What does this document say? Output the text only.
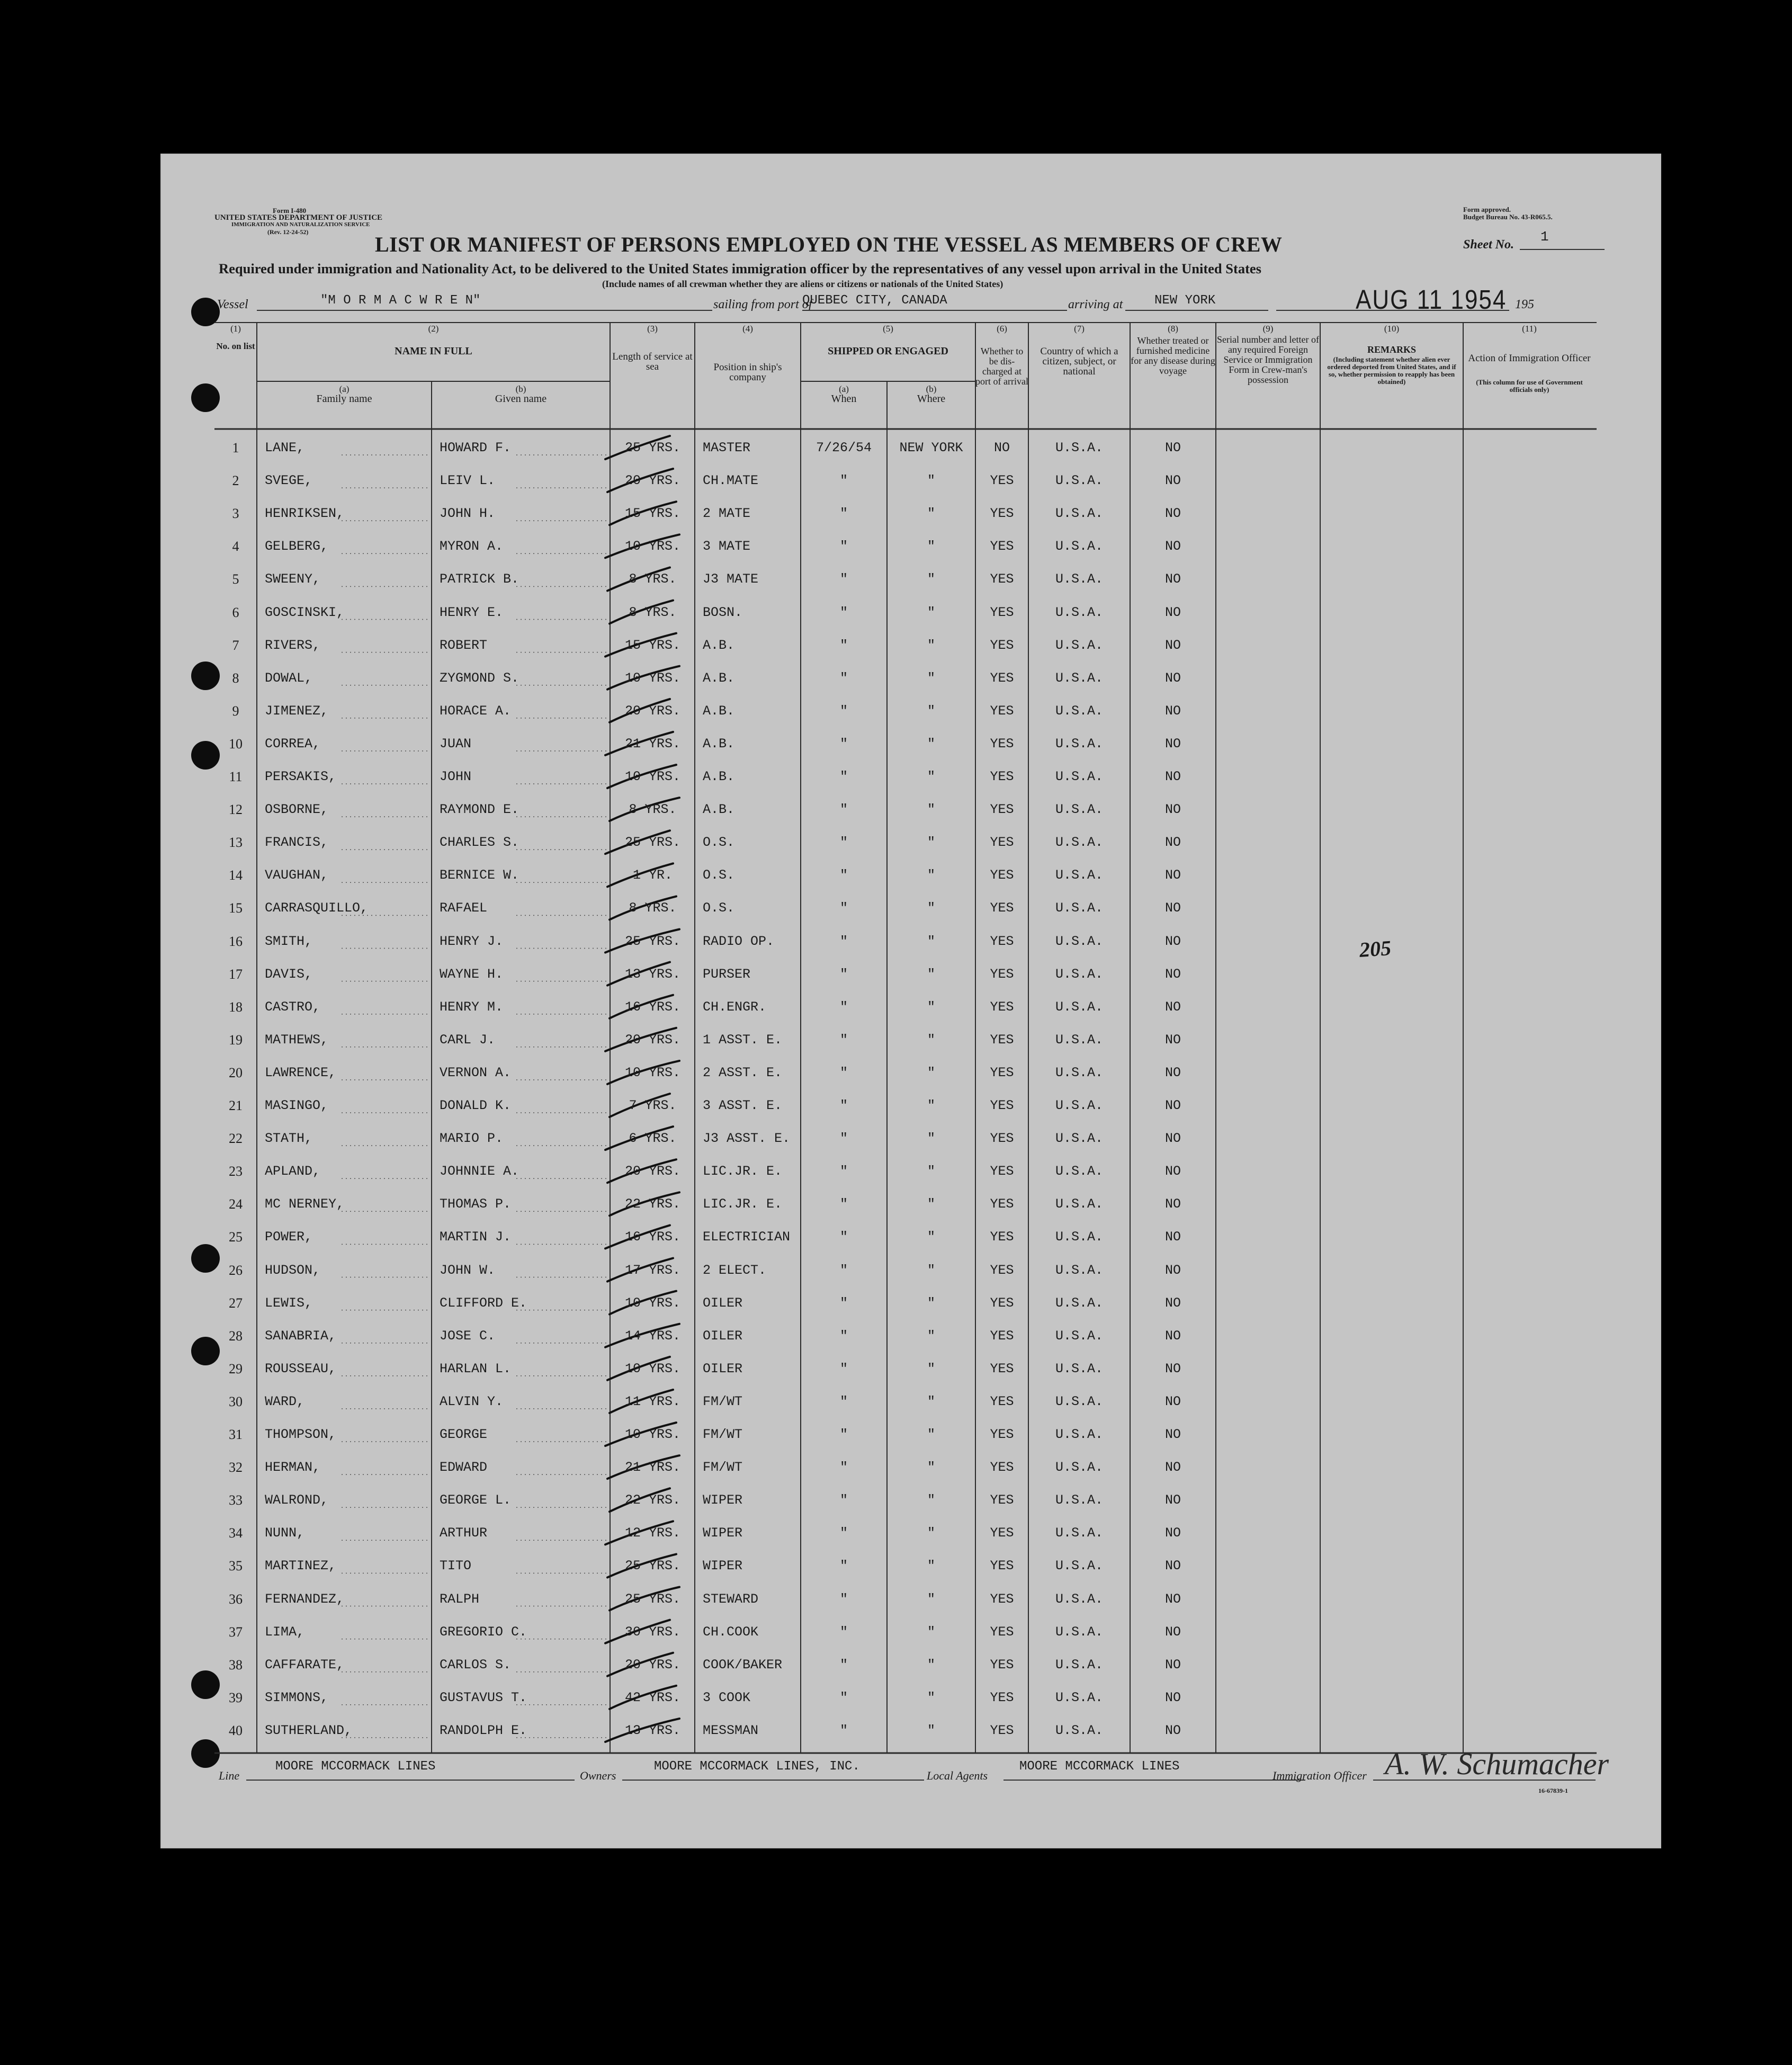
Form I-480
UNITED STATES DEPARTMENT OF JUSTICE
IMMIGRATION AND NATURALIZATION SERVICE
(Rev. 12-24-52)
Form approved.
Budget Bureau No. 43-R065.5.
LIST OR MANIFEST OF PERSONS EMPLOYED ON THE VESSEL AS MEMBERS OF CREW	Sheet No. 1
Required under immigration and Nationality Act, to be delivered to the United States immigration officer by the representatives of any vessel upon arrival in the United States
(Include names of all crewman whether they are aliens or citizens or nationals of the United States)
Vessel	"M O R M A C W R E N"	sailing from port of
QUEBEC CITY, CANADA	arriving at NEW YORK	AUG 11 1954 195
(1)
No. on list
(2)
NAME IN FULL
(a)
Family name
(b)
Given name
(3)
Length of service at sea
(4)
Position in ship's company
(5)
SHIPPED OR ENGAGED
(a)
When
(b)
Where
(6)
Whether to be dis-charged at port of arrival
(7)
Country of which a citizen, subject, or national
(8)
Whether treated or furnished medicine for any disease during voyage
(9)
Serial number and letter of any required Foreign Service or Immigration Form in Crew-man's possession
(10)
REMARKS
(Including statement whether alien ever ordered deported from United States, and if so, whether permission to reapply has been obtained)
(11)
Action of Immigration Officer
(This column for use of Government officials only)
1	LANE,	HOWARD F.	25 YRS.	MASTER	7/26/54	NEW YORK	NO	U.S.A.	NO
2	SVEGE,	LEIV L.	20 YRS.	CH.MATE	"	"	YES	U.S.A.	NO
3	HENRIKSEN,	JOHN H.	15 YRS.	2 MATE	"	"	YES	U.S.A.	NO
4	GELBERG,	MYRON A.	10 YRS.	3 MATE	"	"	YES	U.S.A.	NO
5	SWEENY,	PATRICK B.	8 YRS.	J3 MATE	"	"	YES	U.S.A.	NO
6	GOSCINSKI,	HENRY E.	8 YRS.	BOSN.	"	"	YES	U.S.A.	NO
7	RIVERS,	ROBERT	15 YRS.	A.B.	"	"	YES	U.S.A.	NO
8	DOWAL,	ZYGMOND S.	10 YRS.	A.B.	"	"	YES	U.S.A.	NO
9	JIMENEZ,	HORACE A.	20 YRS.	A.B.	"	"	YES	U.S.A.	NO
10	CORREA,	JUAN	21 YRS.	A.B.	"	"	YES	U.S.A.	NO
11	PERSAKIS,	JOHN	10 YRS.	A.B.	"	"	YES	U.S.A.	NO
12	OSBORNE,	RAYMOND E.	8 YRS.	A.B.	"	"	YES	U.S.A.	NO
13	FRANCIS,	CHARLES S.	25 YRS.	O.S.	"	"	YES	U.S.A.	NO
14	VAUGHAN,	BERNICE W.	1 YR.	O.S.	"	"	YES	U.S.A.	NO
15	CARRASQUILLO,	RAFAEL	8 YRS.	O.S.	"	"	YES	U.S.A.	NO
16	SMITH,	HENRY J.	25 YRS.	RADIO OP.	"	"	YES	U.S.A.	NO
17	DAVIS,	WAYNE H.	13 YRS.	PURSER	"	"	YES	U.S.A.	NO
18	CASTRO,	HENRY M.	16 YRS.	CH.ENGR.	"	"	YES	U.S.A.	NO
19	MATHEWS,	CARL J.	20 YRS.	1 ASST. E.	"	"	YES	U.S.A.	NO
20	LAWRENCE,	VERNON A.	10 YRS.	2 ASST. E.	"	"	YES	U.S.A.	NO
21	MASINGO,	DONALD K.	7 YRS.	3 ASST. E.	"	"	YES	U.S.A.	NO
22	STATH,	MARIO P.	6 YRS.	J3 ASST. E.	"	"	YES	U.S.A.	NO
23	APLAND,	JOHNNIE A.	20 YRS.	LIC.JR. E.	"	"	YES	U.S.A.	NO
24	MC NERNEY,	THOMAS P.	22 YRS.	LIC.JR. E.	"	"	YES	U.S.A.	NO
25	POWER,	MARTIN J.	16 YRS.	ELECTRICIAN	"	"	YES	U.S.A.	NO
26	HUDSON,	JOHN W.	17 YRS.	2 ELECT.	"	"	YES	U.S.A.	NO
27	LEWIS,	CLIFFORD E.	10 YRS.	OILER	"	"	YES	U.S.A.	NO
28	SANABRIA,	JOSE C.	14 YRS.	OILER	"	"	YES	U.S.A.	NO
29	ROUSSEAU,	HARLAN L.	10 YRS.	OILER	"	"	YES	U.S.A.	NO
30	WARD,	ALVIN Y.	11 YRS.	FM/WT	"	"	YES	U.S.A.	NO
31	THOMPSON,	GEORGE	10 YRS.	FM/WT	"	"	YES	U.S.A.	NO
32	HERMAN,	EDWARD	21 YRS.	FM/WT	"	"	YES	U.S.A.	NO
33	WALROND,	GEORGE L.	22 YRS.	WIPER	"	"	YES	U.S.A.	NO
34	NUNN,	ARTHUR	12 YRS.	WIPER	"	"	YES	U.S.A.	NO
35	MARTINEZ,	TITO	25 YRS.	WIPER	"	"	YES	U.S.A.	NO
36	FERNANDEZ,	RALPH	25 YRS.	STEWARD	"	"	YES	U.S.A.	NO
37	LIMA,	GREGORIO C.	30 YRS.	CH.COOK	"	"	YES	U.S.A.	NO
38	CAFFARATE,	CARLOS S.	20 YRS.	COOK/BAKER	"	"	YES	U.S.A.	NO
39	SIMMONS,	GUSTAVUS T.	42 YRS.	3 COOK	"	"	YES	U.S.A.	NO
40	SUTHERLAND,	RANDOLPH E.	13 YRS.	MESSMAN	"	"	YES	U.S.A.	NO
205
Line
MOORE MCCORMACK LINES
Owners
MOORE MCCORMACK LINES, INC.
Local Agents
MOORE MCCORMACK LINES
Immigration Officer A. W. Schumacher
16-67839-1
